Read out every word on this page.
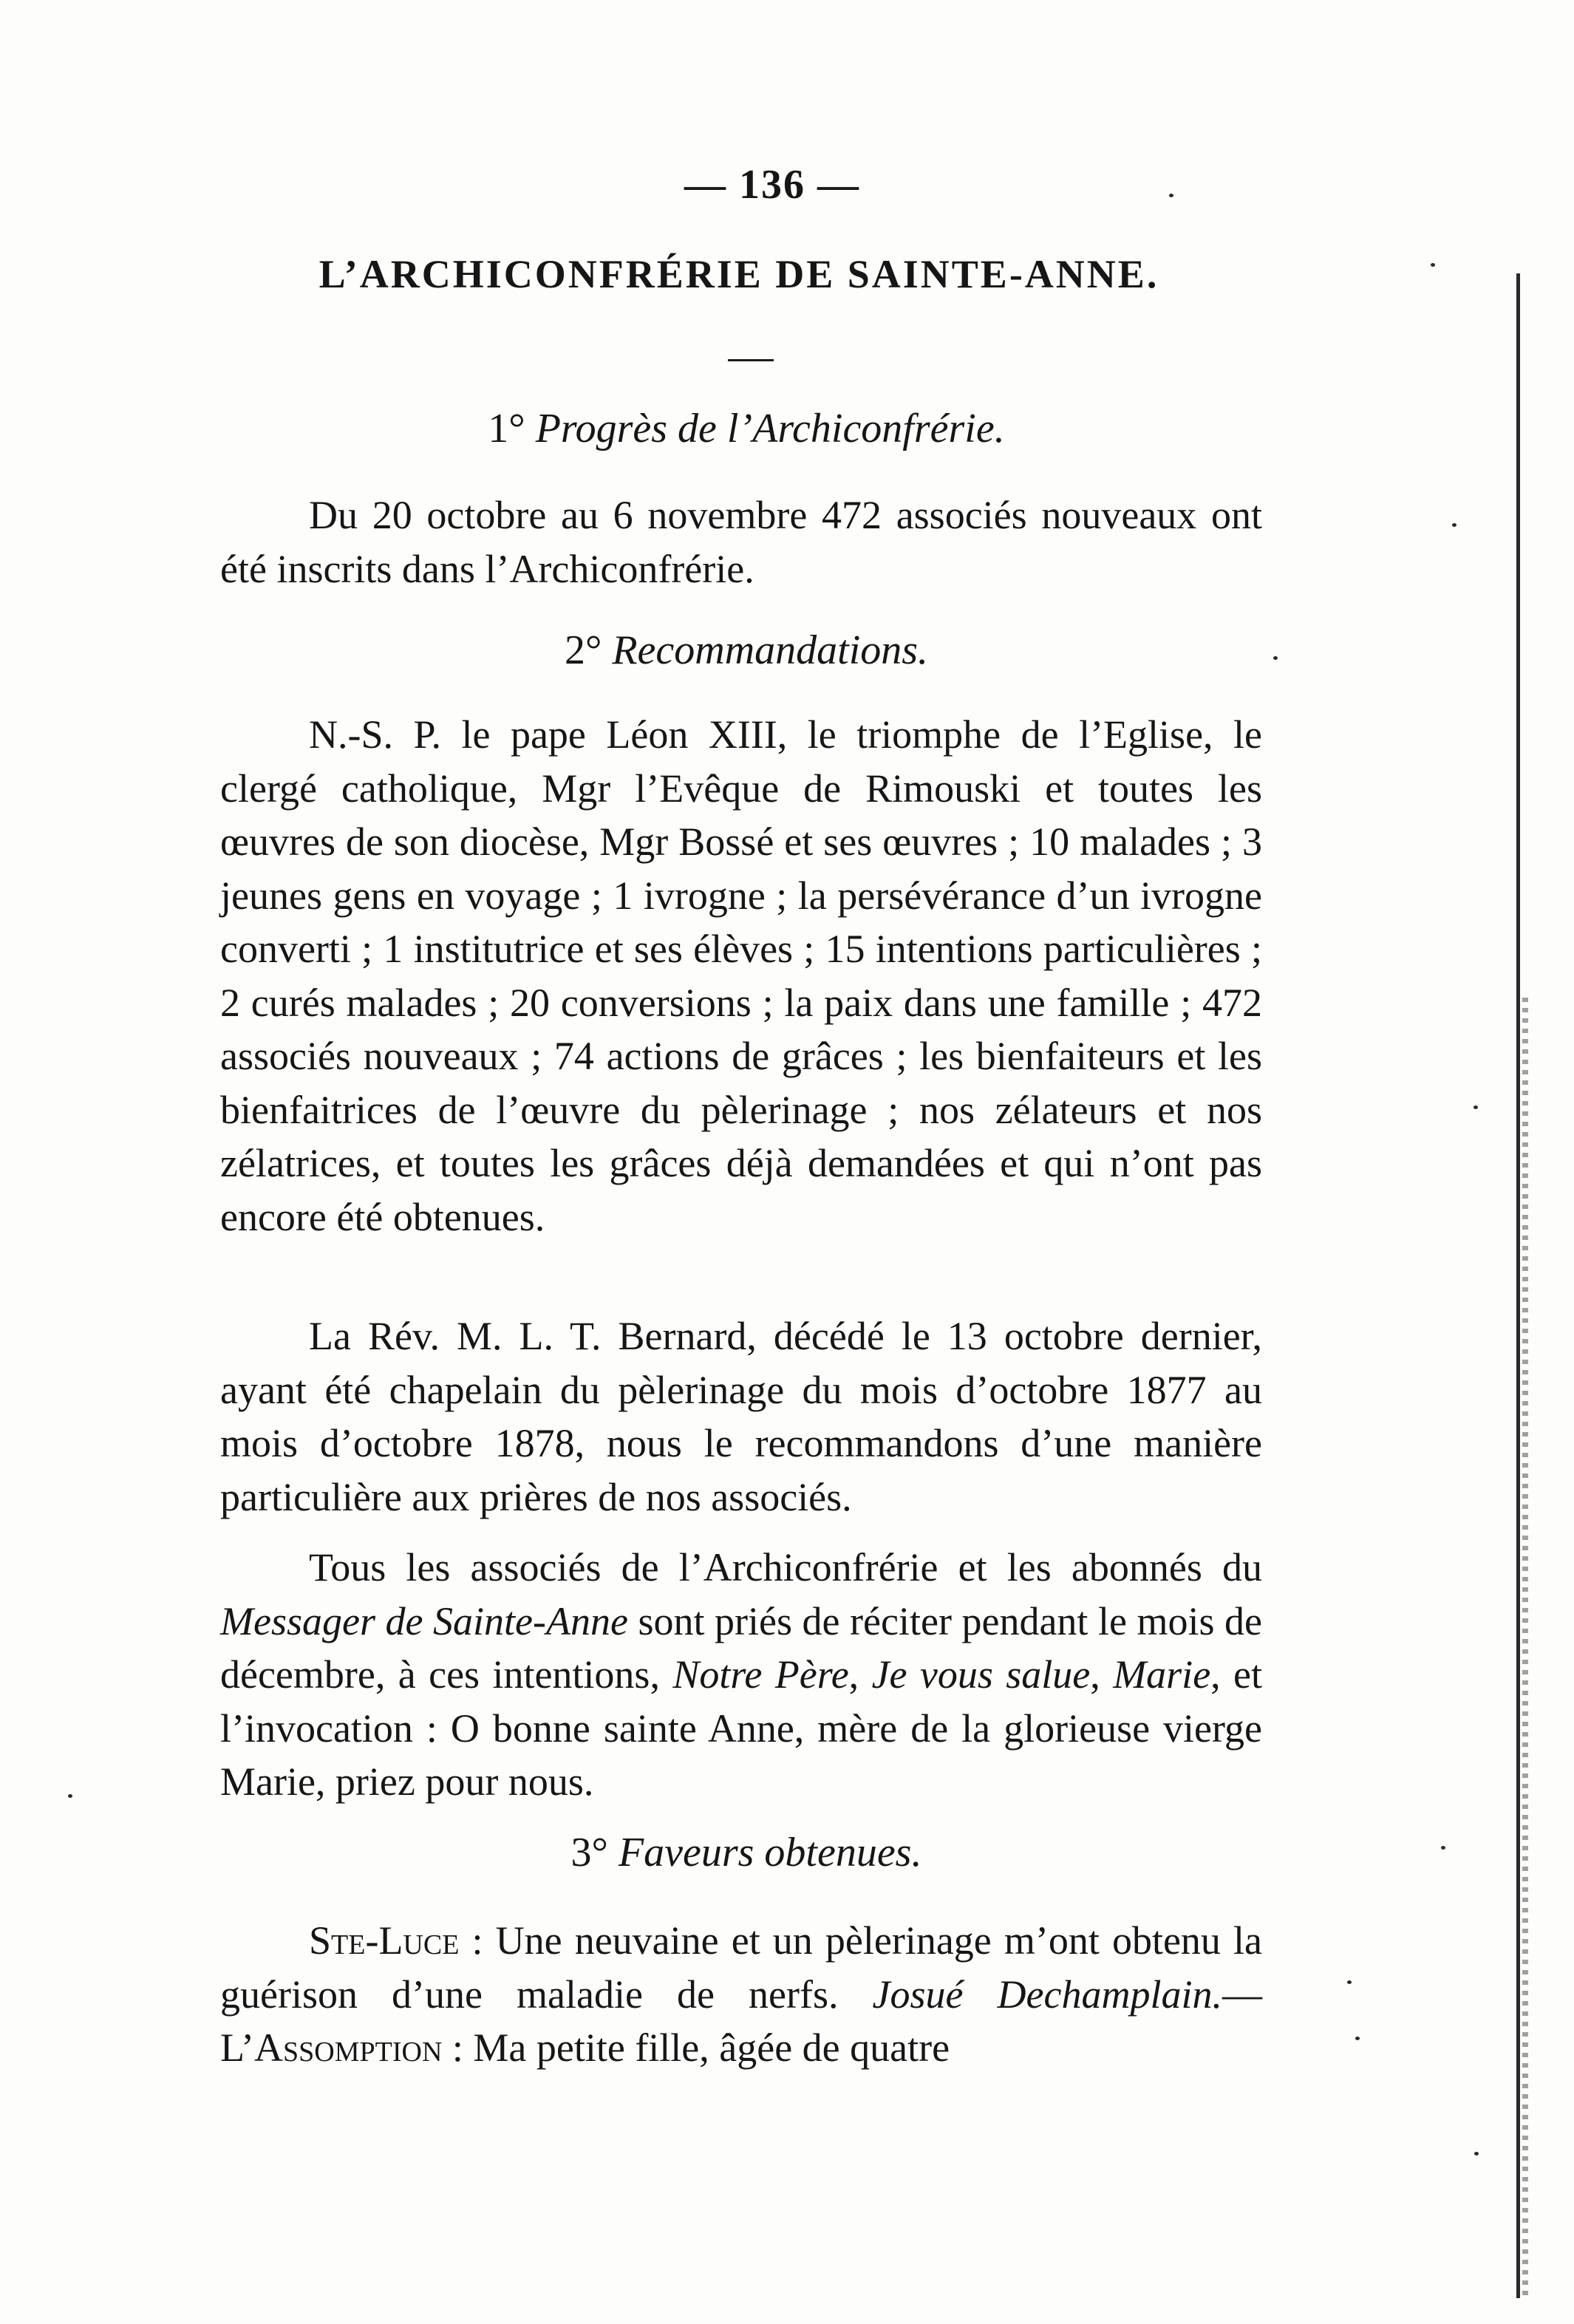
— 136 —
L’ARCHICONFRÉRIE DE SAINTE-ANNE.
1° Progrès de l’Archiconfrérie.

Du 20 octobre au 6 novembre 472 associés nouveaux ont été inscrits dans l’Archiconfrérie.

2° Recommandations.

N.-S. P. le pape Léon XIII, le triomphe de l’Eglise, le clergé catholique, Mgr l’Evêque de Rimouski et toutes les œuvres de son diocèse, Mgr Bossé et ses œuvres ; 10 malades ; 3 jeunes gens en voyage ; 1 ivrogne ; la persévérance d’un ivrogne converti ; 1 institutrice et ses élèves ; 15 intentions particulières ; 2 curés malades ; 20 conversions ; la paix dans une famille ; 472 associés nouveaux ; 74 actions de grâces ; les bienfaiteurs et les bienfaitrices de l’œuvre du pèlerinage ; nos zélateurs et nos zélatrices, et toutes les grâces déjà demandées et qui n’ont pas encore été obtenues.

La Rév. M. L. T. Bernard, décédé le 13 octobre dernier, ayant été chapelain du pèlerinage du mois d’octobre 1877 au mois d’octobre 1878, nous le recommandons d’une manière particulière aux prières de nos associés.

Tous les associés de l’Archiconfrérie et les abonnés du Messager de Sainte-Anne sont priés de réciter pendant le mois de décembre, à ces intentions, Notre Père, Je vous salue, Marie, et l’invocation : O bonne sainte Anne, mère de la glorieuse vierge Marie, priez pour nous.

3° Faveurs obtenues.

Ste-Luce : Une neuvaine et un pèlerinage m’ont obtenu la guérison d’une maladie de nerfs. Josué Dechamplain.—L’Assomption : Ma petite fille, âgée de quatre
